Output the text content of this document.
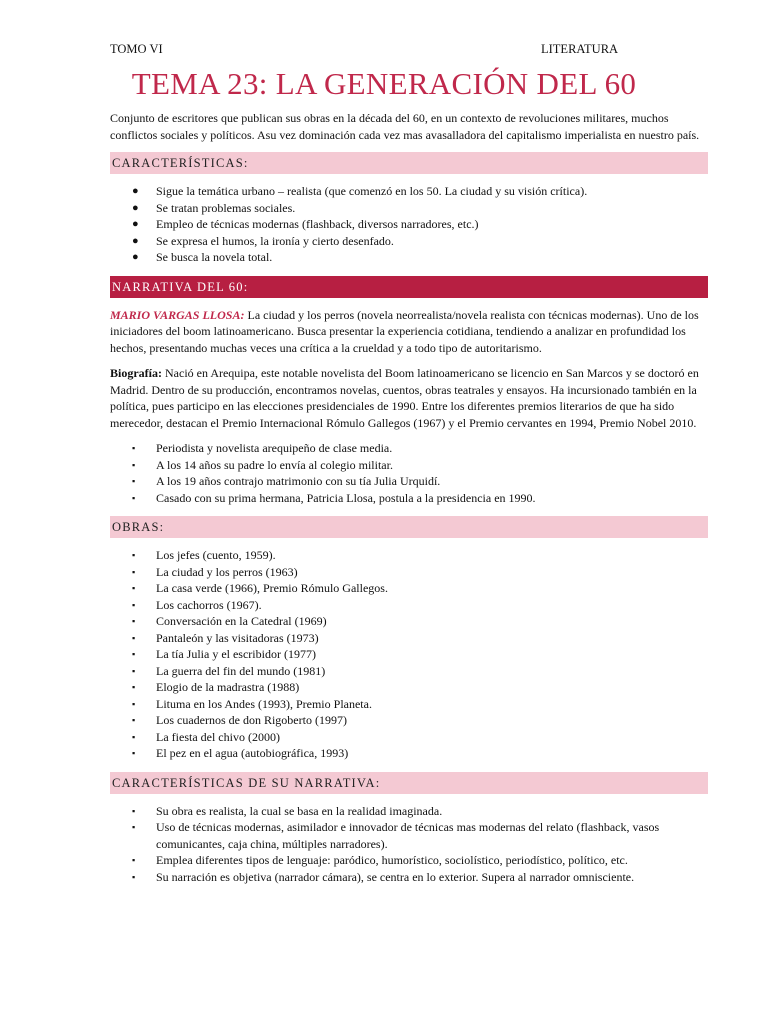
TOMO VI	LITERATURA
TEMA 23: LA GENERACIÓN DEL 60

Conjunto de escritores que publican sus obras en la década del 60, en un contexto de revoluciones militares, muchos conflictos sociales y políticos. Asu vez dominación cada vez mas avasalladora del capitalismo imperialista en nuestro país.

CARACTERÍSTICAS:
● Sigue la temática urbano – realista (que comenzó en los 50. La ciudad y su visión crítica).
● Se tratan problemas sociales.
● Empleo de técnicas modernas (flashback, diversos narradores, etc.)
● Se expresa el humos, la ironía y cierto desenfado.
● Se busca la novela total.
NARRATIVA DEL 60:

MARIO VARGAS LLOSA: La ciudad y los perros (novela neorrealista/novela realista con técnicas modernas). Uno de los iniciadores del boom latinoamericano. Busca presentar la experiencia cotidiana, tendiendo a analizar en profundidad los hechos, presentando muchas veces una crítica a la crueldad y a todo tipo de autoritarismo.

Biografía: Nació en Arequipa, este notable novelista del Boom latinoamericano se licencio en San Marcos y se doctoró en Madrid. Dentro de su producción, encontramos novelas, cuentos, obras teatrales y ensayos. Ha incursionado también en la política, pues participo en las elecciones presidenciales de 1990. Entre los diferentes premios literarios de que ha sido merecedor, destacan el Premio Internacional Rómulo Gallegos (1967) y el Premio cervantes en 1994, Premio Nobel 2010.

▪ Periodista y novelista arequipeño de clase media.
▪ A los 14 años su padre lo envía al colegio militar.
▪ A los 19 años contrajo matrimonio con su tía Julia Urquidí.
▪ Casado con su prima hermana, Patricia Llosa, postula a la presidencia en 1990.
OBRAS:
▪ Los jefes (cuento, 1959).
▪ La ciudad y los perros (1963)
▪ La casa verde (1966), Premio Rómulo Gallegos.
▪ Los cachorros (1967).
▪ Conversación en la Catedral (1969)
▪ Pantaleón y las visitadoras (1973)
▪ La tía Julia y el escribidor (1977)
▪ La guerra del fin del mundo (1981)
▪ Elogio de la madrastra (1988)
▪ Lituma en los Andes (1993), Premio Planeta.
▪ Los cuadernos de don Rigoberto (1997)
▪ La fiesta del chivo (2000)
▪ El pez en el agua (autobiográfica, 1993)
CARACTERÍSTICAS DE SU NARRATIVA:
▪ Su obra es realista, la cual se basa en la realidad imaginada.
▪ Uso de técnicas modernas, asimilador e innovador de técnicas mas modernas del relato (flashback, vasos comunicantes, caja china, múltiples narradores).
▪ Emplea diferentes tipos de lenguaje: paródico, humorístico, sociolístico, periodístico, político, etc.
▪ Su narración es objetiva (narrador cámara), se centra en lo exterior. Supera al narrador omnisciente.
